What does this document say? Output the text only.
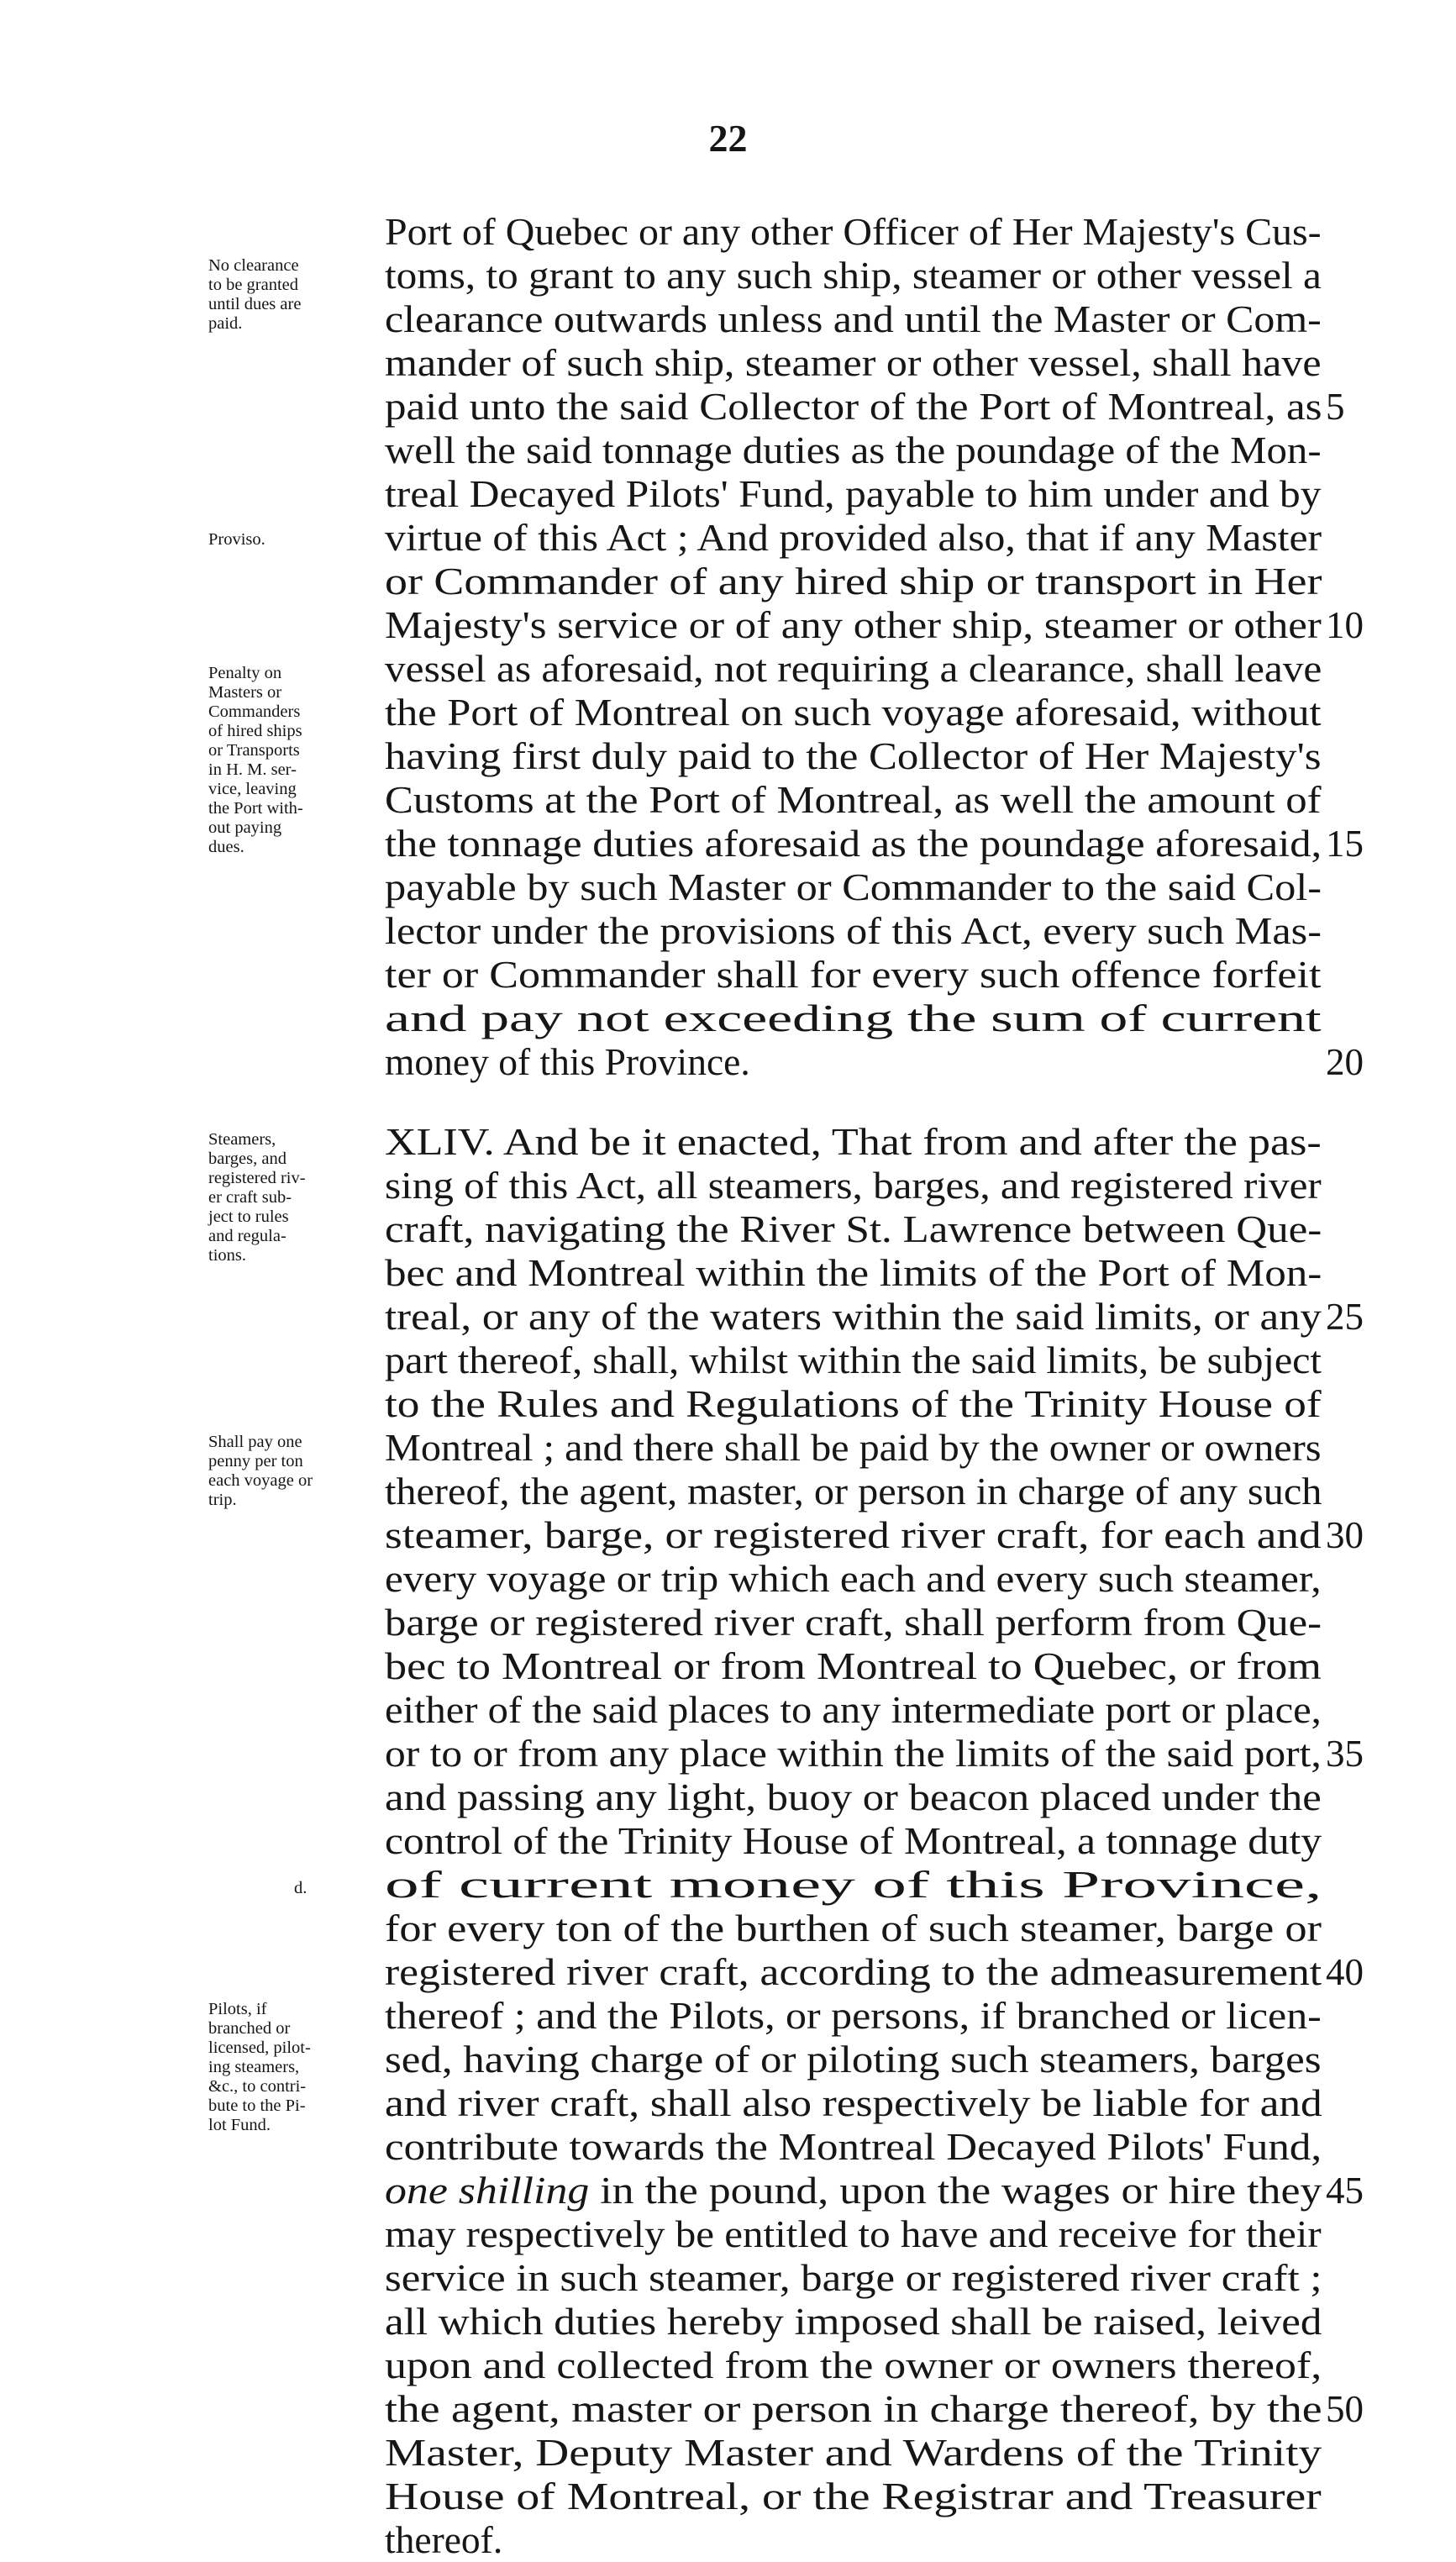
22
Port of Quebec or any other Officer of Her Majesty's Cus-
toms, to grant to any such ship, steamer or other vessel a
clearance outwards unless and until the Master or Com-
mander of such ship, steamer or other vessel, shall have
paid unto the said Collector of the Port of Montreal, as 5
well the said tonnage duties as the poundage of the Mon-
treal Decayed Pilots' Fund, payable to him under and by
virtue of this Act ; And provided also, that if any Master
or Commander of any hired ship or transport in Her
Majesty's service or of any other ship, steamer or other 10
vessel as aforesaid, not requiring a clearance, shall leave
the Port of Montreal on such voyage aforesaid, without
having first duly paid to the Collector of Her Majesty's
Customs at the Port of Montreal, as well the amount of
the tonnage duties aforesaid as the poundage aforesaid, 15
payable by such Master or Commander to the said Col-
lector under the provisions of this Act, every such Mas-
ter or Commander shall for every such offence forfeit
and pay not exceeding the sum of current
money of this Province.	20
XLIV. And be it enacted, That from and after the pas-
sing of this Act, all steamers, barges, and registered river
craft, navigating the River St. Lawrence between Que-
bec and Montreal within the limits of the Port of Mon-
treal, or any of the waters within the said limits, or any 25
part thereof, shall, whilst within the said limits, be subject
to the Rules and Regulations of the Trinity House of
Montreal ; and there shall be paid by the owner or owners
thereof, the agent, master, or person in charge of any such
steamer, barge, or registered river craft, for each and 30
every voyage or trip which each and every such steamer,
barge or registered river craft, shall perform from Que-
bec to Montreal or from Montreal to Quebec, or from
either of the said places to any intermediate port or place,
or to or from any place within the limits of the said port, 35
and passing any light, buoy or beacon placed under the
control of the Trinity House of Montreal, a tonnage duty
of current money of this Province,
for every ton of the burthen of such steamer, barge or
registered river craft, according to the admeasurement 40
thereof ; and the Pilots, or persons, if branched or licen-
sed, having charge of or piloting such steamers, barges
and river craft, shall also respectively be liable for and
contribute towards the Montreal Decayed Pilots' Fund,
one shilling in the pound, upon the wages or hire they 45
may respectively be entitled to have and receive for their
service in such steamer, barge or registered river craft ;
all which duties hereby imposed shall be raised, leived
upon and collected from the owner or owners thereof,
the agent, master or person in charge thereof, by the 50
Master, Deputy Master and Wardens of the Trinity
House of Montreal, or the Registrar and Treasurer
thereof.
No clearance
to be granted
until dues are
paid.
Proviso.
Penalty on
Masters or
Commanders
of hired ships
or Transports
in H. M. ser-
vice, leaving
the Port with-
out paying
dues.
Steamers,
barges, and
registered riv-
er craft sub-
ject to rules
and regula-
tions.
Shall pay one
penny per ton
each voyage or
trip.
d.
Pilots, if
branched or
licensed, pilot-
ing steamers,
&c., to contri-
bute to the Pi-
lot Fund.
